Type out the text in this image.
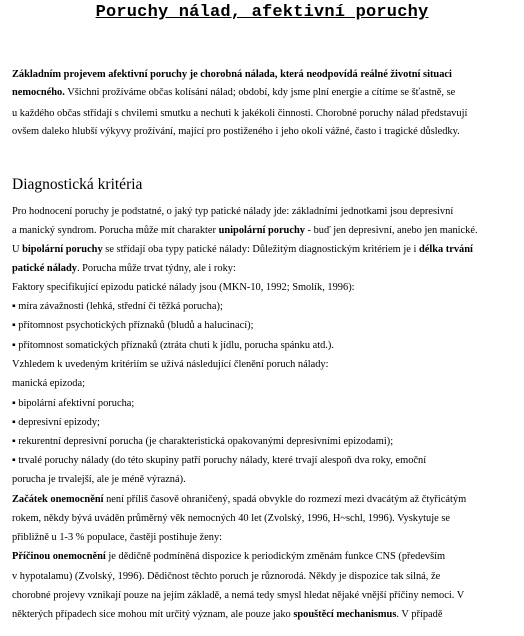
Poruchy nálad, afektivní poruchy
Základním projevem afektivní poruchy je chorobná nálada, která neodpovídá reálné životní situaci
nemocného. Všichni prožíváme občas kolísání nálad; období, kdy jsme plní energie a cítíme se šťastně, se
u každého občas střídají s chvilemi smutku a nechuti k jakékoli činnosti. Chorobné poruchy nálad představují
ovšem daleko hlubší výkyvy prožívání, mající pro postiženého i jeho okolí vážné, často i tragické důsledky.
Diagnostická kritéria
Pro hodnocení poruchy je podstatné, o jaký typ patické nálady jde: základními jednotkami jsou depresivní
a manický syndrom. Porucha může mít charakter unipolární poruchy - buď jen depresivní, anebo jen manické.
U bipolární poruchy se střídají oba typy patické nálady: Důležitým diagnostickým kritériem je i délka trvání
patické nálady. Porucha může trvat týdny, ale i roky:
Faktory specifikující epizodu patické nálady jsou (MKN-10, 1992; Smolík, 1996):
▪ míra závažnosti (lehká, střední či těžká porucha);
▪ přítomnost psychotických příznaků (bludů a halucinací);
▪ přítomnost somatických příznaků (ztráta chuti k jídlu, porucha spánku atd.).
Vzhledem k uvedeným kritériím se užívá následující členění poruch nálady:
manická epizoda;
▪ bipolární afektivní porucha;
▪ depresivní epizody;
▪ rekurentní depresivní porucha (je charakteristická opakovanými depresivními epizodami);
▪ trvalé poruchy nálady (do této skupiny patří poruchy nálady, které trvají alespoň dva roky, emoční
porucha je trvalejší, ale je méně výrazná).
Začátek onemocnění není příliš časově ohraničený, spadá obvykle do rozmezí mezi dvacátým až čtyřicátým
rokem, někdy bývá uváděn průměrný věk nemocných 40 let (Zvolský, 1996, H~schl, 1996). Vyskytuje se
přibližně u 1-3 % populace, častěji postihuje ženy:
Příčinou onemocnění je dědičně podmíněná dispozice k periodickým změnám funkce CNS (především
v hypotalamu) (Zvolský, 1996). Dědičnost těchto poruch je různorodá. Někdy je dispozice tak silná, že
chorobné projevy vznikají pouze na jejím základě, a nemá tedy smysl hledat nějaké vnější příčiny nemoci. V
některých případech sice mohou mít určitý význam, ale pouze jako spouštěcí mechanismus. V případě
